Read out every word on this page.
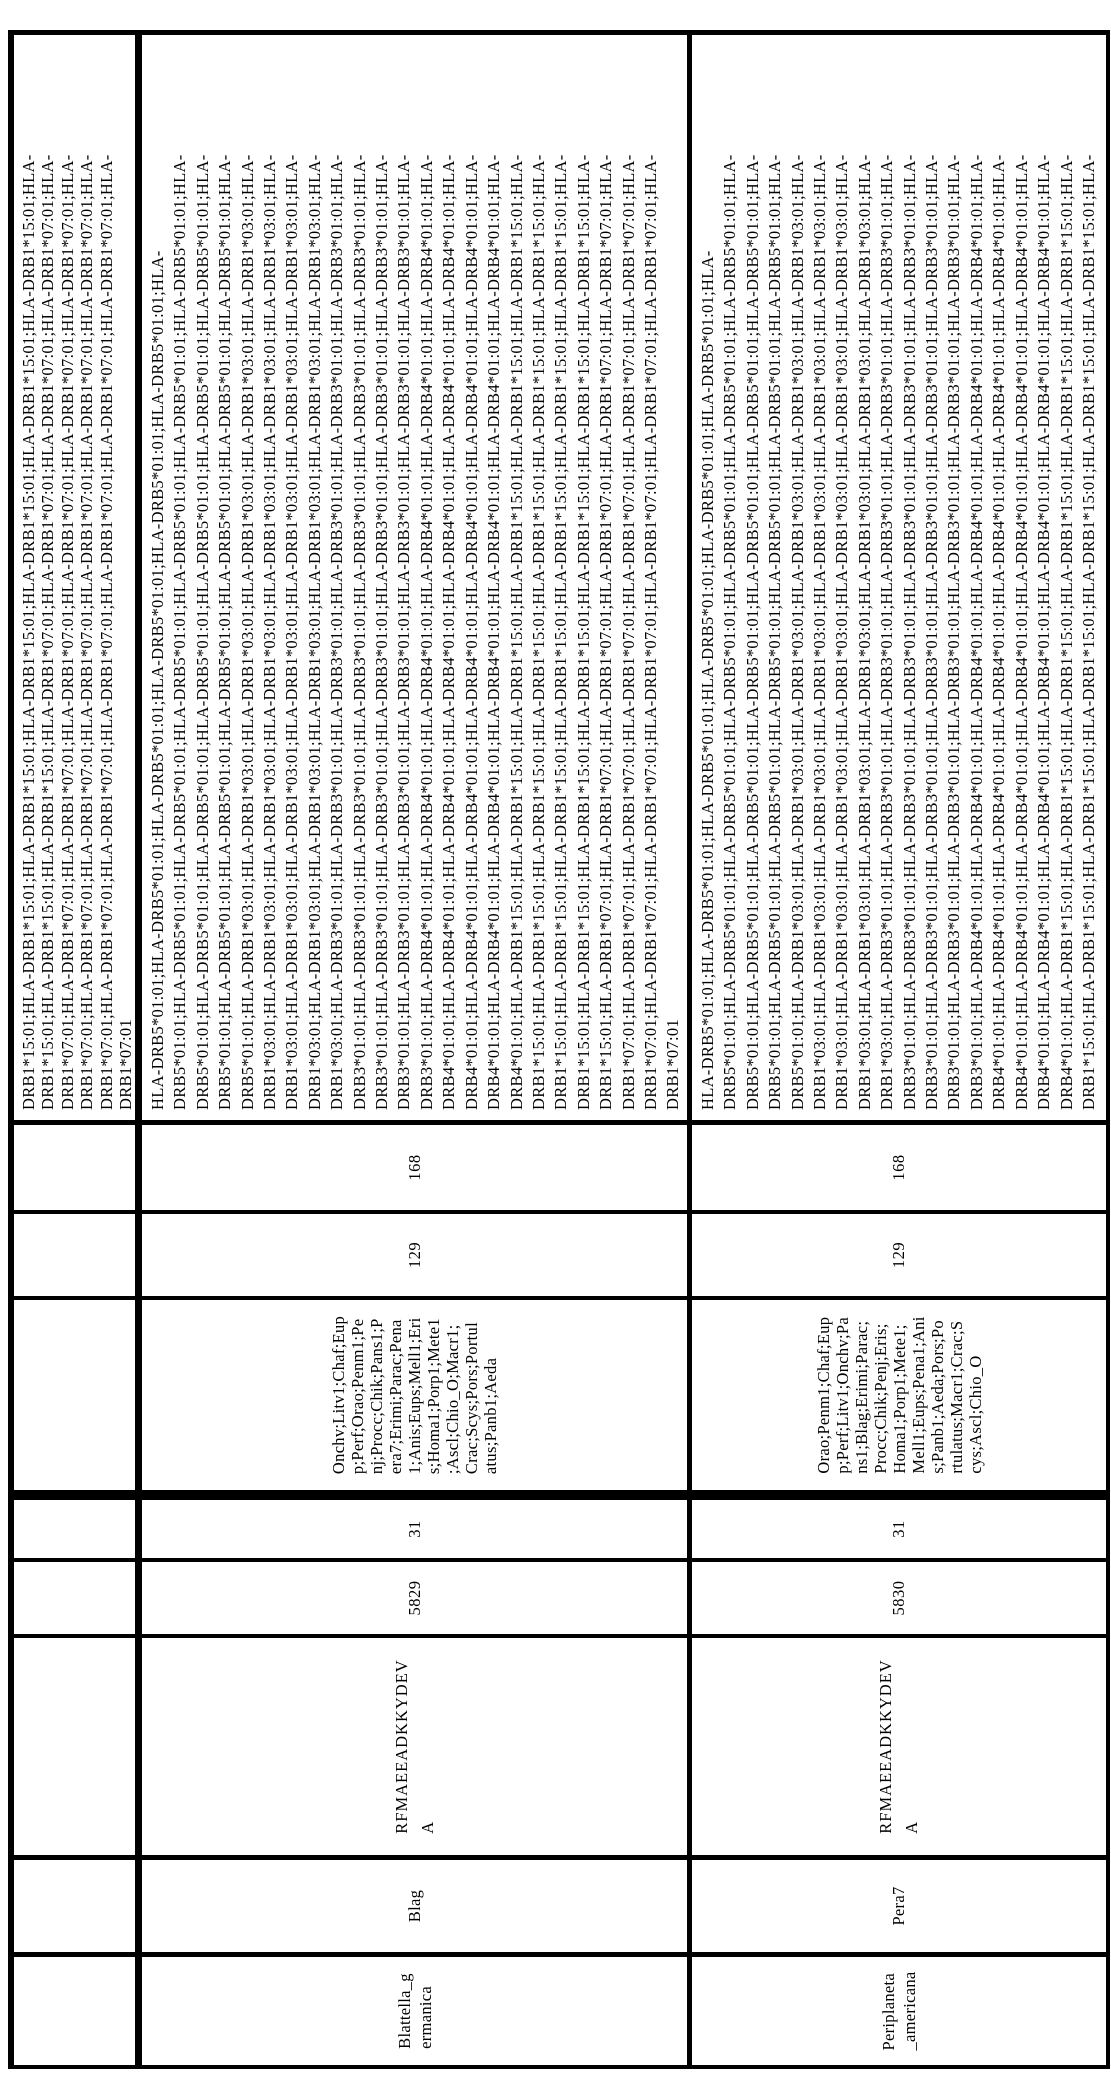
DRB1*15:01;HLA-DRB1*15:01;HLA-DRB1*15:01;HLA-DRB1*15:01;HLA-DRB1*15:01;HLA-DRB1*15:01;HLA-DRB1*15:01;HLA- DRB1*15:01;HLA-DRB1*15:01;HLA-DRB1*15:01;HLA-DRB1*07:01;HLA-DRB1*07:01;HLA-DRB1*07:01;HLA-DRB1*07:01;HLA- DRB1*07:01;HLA-DRB1*07:01;HLA-DRB1*07:01;HLA-DRB1*07:01;HLA-DRB1*07:01;HLA-DRB1*07:01;HLA-DRB1*07:01;HLA- DRB1*07:01;HLA-DRB1*07:01;HLA-DRB1*07:01;HLA-DRB1*07:01;HLA-DRB1*07:01;HLA-DRB1*07:01;HLA-DRB1*07:01;HLA- DRB1*07:01;HLA-DRB1*07:01;HLA-DRB1*07:01;HLA-DRB1*07:01;HLA-DRB1*07:01;HLA-DRB1*07:01;HLA-DRB1*07:01;HLA- DRB1*07:01
Blattella_g ermanica
Blag
RFMAEEADKKYDEV A
5829
31
Onchv;Litv1;Chaf;Eup p;Perf;Orao;Penm1;Pe nj;Procc;Chik;Pans1;P era7;Erimi;Parac;Pena 1;Anis;Eups;Mell1;Eri s;Homa1;Porp1;Mete1 ;Ascl;Chio_O;Macr1; Crac;Scys;Pors;Portul atus;Panb1;Aeda
129
168
HLA-DRB5*01:01;HLA-DRB5*01:01;HLA-DRB5*01:01;HLA-DRB5*01:01;HLA-DRB5*01:01;HLA-DRB5*01:01;HLA- DRB5*01:01;HLA-DRB5*01:01;HLA-DRB5*01:01;HLA-DRB5*01:01;HLA-DRB5*01:01;HLA-DRB5*01:01;HLA-DRB5*01:01;HLA- DRB5*01:01;HLA-DRB5*01:01;HLA-DRB5*01:01;HLA-DRB5*01:01;HLA-DRB5*01:01;HLA-DRB5*01:01;HLA-DRB5*01:01;HLA- DRB5*01:01;HLA-DRB5*01:01;HLA-DRB5*01:01;HLA-DRB5*01:01;HLA-DRB5*01:01;HLA-DRB5*01:01;HLA-DRB5*01:01;HLA- DRB5*01:01;HLA-DRB1*03:01;HLA-DRB1*03:01;HLA-DRB1*03:01;HLA-DRB1*03:01;HLA-DRB1*03:01;HLA-DRB1*03:01;HLA- DRB1*03:01;HLA-DRB1*03:01;HLA-DRB1*03:01;HLA-DRB1*03:01;HLA-DRB1*03:01;HLA-DRB1*03:01;HLA-DRB1*03:01;HLA- DRB1*03:01;HLA-DRB1*03:01;HLA-DRB1*03:01;HLA-DRB1*03:01;HLA-DRB1*03:01;HLA-DRB1*03:01;HLA-DRB1*03:01;HLA- DRB1*03:01;HLA-DRB1*03:01;HLA-DRB1*03:01;HLA-DRB1*03:01;HLA-DRB1*03:01;HLA-DRB1*03:01;HLA-DRB1*03:01;HLA- DRB1*03:01;HLA-DRB3*01:01;HLA-DRB3*01:01;HLA-DRB3*01:01;HLA-DRB3*01:01;HLA-DRB3*01:01;HLA-DRB3*01:01;HLA- DRB3*01:01;HLA-DRB3*01:01;HLA-DRB3*01:01;HLA-DRB3*01:01;HLA-DRB3*01:01;HLA-DRB3*01:01;HLA-DRB3*01:01;HLA- DRB3*01:01;HLA-DRB3*01:01;HLA-DRB3*01:01;HLA-DRB3*01:01;HLA-DRB3*01:01;HLA-DRB3*01:01;HLA-DRB3*01:01;HLA- DRB3*01:01;HLA-DRB3*01:01;HLA-DRB3*01:01;HLA-DRB3*01:01;HLA-DRB3*01:01;HLA-DRB3*01:01;HLA-DRB3*01:01;HLA- DRB3*01:01;HLA-DRB4*01:01;HLA-DRB4*01:01;HLA-DRB4*01:01;HLA-DRB4*01:01;HLA-DRB4*01:01;HLA-DRB4*01:01;HLA- DRB4*01:01;HLA-DRB4*01:01;HLA-DRB4*01:01;HLA-DRB4*01:01;HLA-DRB4*01:01;HLA-DRB4*01:01;HLA-DRB4*01:01;HLA- DRB4*01:01;HLA-DRB4*01:01;HLA-DRB4*01:01;HLA-DRB4*01:01;HLA-DRB4*01:01;HLA-DRB4*01:01;HLA-DRB4*01:01;HLA- DRB4*01:01;HLA-DRB4*01:01;HLA-DRB4*01:01;HLA-DRB4*01:01;HLA-DRB4*01:01;HLA-DRB4*01:01;HLA-DRB4*01:01;HLA- DRB4*01:01;HLA-DRB1*15:01;HLA-DRB1*15:01;HLA-DRB1*15:01;HLA-DRB1*15:01;HLA-DRB1*15:01;HLA-DRB1*15:01;HLA- DRB1*15:01;HLA-DRB1*15:01;HLA-DRB1*15:01;HLA-DRB1*15:01;HLA-DRB1*15:01;HLA-DRB1*15:01;HLA-DRB1*15:01;HLA- DRB1*15:01;HLA-DRB1*15:01;HLA-DRB1*15:01;HLA-DRB1*15:01;HLA-DRB1*15:01;HLA-DRB1*15:01;HLA-DRB1*15:01;HLA- DRB1*15:01;HLA-DRB1*15:01;HLA-DRB1*15:01;HLA-DRB1*15:01;HLA-DRB1*15:01;HLA-DRB1*15:01;HLA-DRB1*15:01;HLA- DRB1*15:01;HLA-DRB1*07:01;HLA-DRB1*07:01;HLA-DRB1*07:01;HLA-DRB1*07:01;HLA-DRB1*07:01;HLA-DRB1*07:01;HLA- DRB1*07:01;HLA-DRB1*07:01;HLA-DRB1*07:01;HLA-DRB1*07:01;HLA-DRB1*07:01;HLA-DRB1*07:01;HLA-DRB1*07:01;HLA- DRB1*07:01;HLA-DRB1*07:01;HLA-DRB1*07:01;HLA-DRB1*07:01;HLA-DRB1*07:01;HLA-DRB1*07:01;HLA-DRB1*07:01;HLA- DRB1*07:01
Periplaneta _americana
Pera7
RFMAEEADKKYDEV A
5830
31
Orao;Penm1;Chaf;Eup p;Perf;Litv1;Onchv;Pa ns1;Blag;Erimi;Parac; Procc;Chik;Penj;Eris; Homa1;Porp1;Mete1; Mell1;Eups;Pena1;Ani s;Panb1;Aeda;Pors;Po rtulatus;Macr1;Crac;S cys;Ascl;Chio_O
129
168
HLA-DRB5*01:01;HLA-DRB5*01:01;HLA-DRB5*01:01;HLA-DRB5*01:01;HLA-DRB5*01:01;HLA-DRB5*01:01;HLA- DRB5*01:01;HLA-DRB5*01:01;HLA-DRB5*01:01;HLA-DRB5*01:01;HLA-DRB5*01:01;HLA-DRB5*01:01;HLA-DRB5*01:01;HLA- DRB5*01:01;HLA-DRB5*01:01;HLA-DRB5*01:01;HLA-DRB5*01:01;HLA-DRB5*01:01;HLA-DRB5*01:01;HLA-DRB5*01:01;HLA- DRB5*01:01;HLA-DRB5*01:01;HLA-DRB5*01:01;HLA-DRB5*01:01;HLA-DRB5*01:01;HLA-DRB5*01:01;HLA-DRB5*01:01;HLA- DRB5*01:01;HLA-DRB1*03:01;HLA-DRB1*03:01;HLA-DRB1*03:01;HLA-DRB1*03:01;HLA-DRB1*03:01;HLA-DRB1*03:01;HLA- DRB1*03:01;HLA-DRB1*03:01;HLA-DRB1*03:01;HLA-DRB1*03:01;HLA-DRB1*03:01;HLA-DRB1*03:01;HLA-DRB1*03:01;HLA- DRB1*03:01;HLA-DRB1*03:01;HLA-DRB1*03:01;HLA-DRB1*03:01;HLA-DRB1*03:01;HLA-DRB1*03:01;HLA-DRB1*03:01;HLA- DRB1*03:01;HLA-DRB1*03:01;HLA-DRB1*03:01;HLA-DRB1*03:01;HLA-DRB1*03:01;HLA-DRB1*03:01;HLA-DRB1*03:01;HLA- DRB1*03:01;HLA-DRB3*01:01;HLA-DRB3*01:01;HLA-DRB3*01:01;HLA-DRB3*01:01;HLA-DRB3*01:01;HLA-DRB3*01:01;HLA- DRB3*01:01;HLA-DRB3*01:01;HLA-DRB3*01:01;HLA-DRB3*01:01;HLA-DRB3*01:01;HLA-DRB3*01:01;HLA-DRB3*01:01;HLA- DRB3*01:01;HLA-DRB3*01:01;HLA-DRB3*01:01;HLA-DRB3*01:01;HLA-DRB3*01:01;HLA-DRB3*01:01;HLA-DRB3*01:01;HLA- DRB3*01:01;HLA-DRB3*01:01;HLA-DRB3*01:01;HLA-DRB3*01:01;HLA-DRB3*01:01;HLA-DRB3*01:01;HLA-DRB3*01:01;HLA- DRB3*01:01;HLA-DRB4*01:01;HLA-DRB4*01:01;HLA-DRB4*01:01;HLA-DRB4*01:01;HLA-DRB4*01:01;HLA-DRB4*01:01;HLA- DRB4*01:01;HLA-DRB4*01:01;HLA-DRB4*01:01;HLA-DRB4*01:01;HLA-DRB4*01:01;HLA-DRB4*01:01;HLA-DRB4*01:01;HLA- DRB4*01:01;HLA-DRB4*01:01;HLA-DRB4*01:01;HLA-DRB4*01:01;HLA-DRB4*01:01;HLA-DRB4*01:01;HLA-DRB4*01:01;HLA- DRB4*01:01;HLA-DRB4*01:01;HLA-DRB4*01:01;HLA-DRB4*01:01;HLA-DRB4*01:01;HLA-DRB4*01:01;HLA-DRB4*01:01;HLA- DRB4*01:01;HLA-DRB1*15:01;HLA-DRB1*15:01;HLA-DRB1*15:01;HLA-DRB1*15:01;HLA-DRB1*15:01;HLA-DRB1*15:01;HLA- DRB1*15:01;HLA-DRB1*15:01;HLA-DRB1*15:01;HLA-DRB1*15:01;HLA-DRB1*15:01;HLA-DRB1*15:01;HLA-DRB1*15:01;HLA-
